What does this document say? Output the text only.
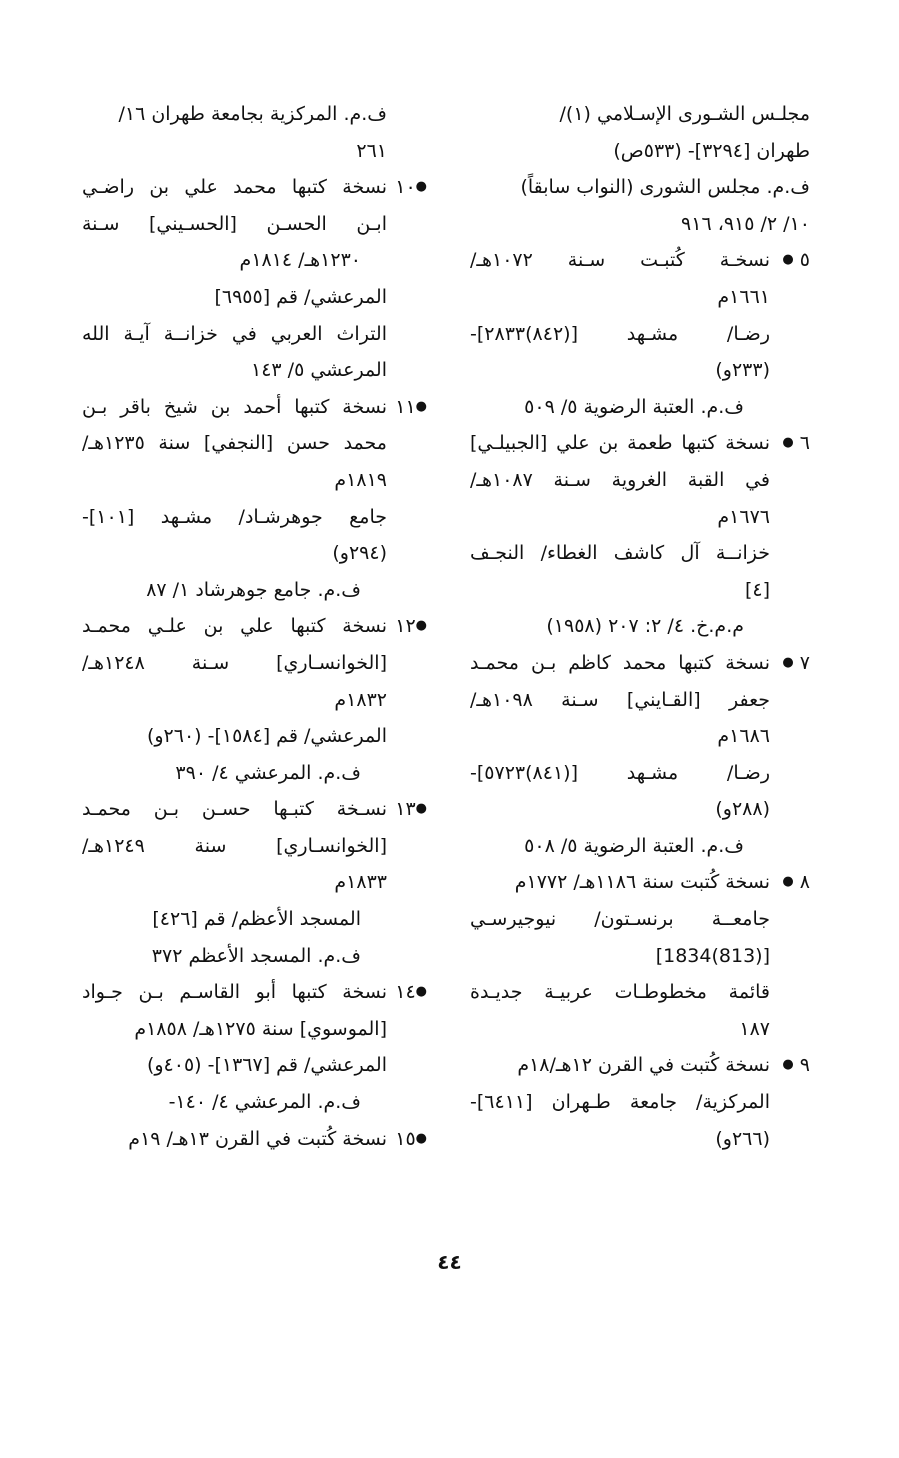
مجلـس الشـورى الإسـلامي (١)/
طهران [٣٢٩٤]- (٥٣٣ص)
ف.م. مجلس الشورى (النواب سابقاً)
١٠/ ٢/ ٩١٥، ٩١٦
٥ ●
نسخـة كُتبـت سـنة ١٠٧٢هـ/
١٦٦١م
رضـا/ مشـهد [(٨٤٢)٢٨٣٣]-
(٢٣٣و)
ف.م. العتبة الرضوية ٥/ ٥٠٩
٦ ●
نسخة كتبها طعمة بن علي [الجبيلـي]
في القبة الغروية سـنة ١٠٨٧هـ/
١٦٧٦م
خزانــة آل كاشف الغطاء/ النجـف
[٤]
م.م.خ. ٤/ ٢: ٢٠٧ (١٩٥٨)
٧ ●
نسخة كتبها محمد كاظم بـن محمـد
جعفر [القـايني] سـنة ١٠٩٨هـ/
١٦٨٦م
رضـا/ مشـهد [(٨٤١)٥٧٢٣]-
(٢٨٨و)
ف.م. العتبة الرضوية ٥/ ٥٠٨
٨ ●
نسخة كُتبت سنة ١١٨٦هـ/ ١٧٧٢م
جامعــة برنسـتون/ نيوجيرسـي
[(813)1834]
قائمة مخطوطـات عربيـة جديـدة
١٨٧
٩ ●
نسخة كُتبت في القرن ١٢هـ/١٨م
المركزية/ جامعة طـهران [٦٤١١]-
(٢٦٦و)
ف.م. المركزية بجامعة طهران ١٦/
٢٦١
●١٠
نسخة كتبها محمد علي بن راضـي
ابـن الحسـن [الحسـيني] سـنة
١٢٣٠هـ/ ١٨١٤م
المرعشي/ قم [٦٩٥٥]
التراث العربي في خزانــة آيـة الله
المرعشي ٥/ ١٤٣
●١١
نسخة كتبها أحمد بن شيخ باقر بـن
محمد حسن [النجفي] سنة ١٢٣٥هـ/
١٨١٩م
جامع جوهرشـاد/ مشـهد [١٠١]-
(٢٩٤و)
ف.م. جامع جوهرشاد ١/ ٨٧
●١٢
نسخة كتبها علي بن علـي محمـد
[الخوانسـاري] سـنة ١٢٤٨هـ/
١٨٣٢م
المرعشي/ قم [١٥٨٤]- (٢٦٠و)
ف.م. المرعشي ٤/ ٣٩٠
●١٣
نسـخة كتبـها حسـن بـن محمـد
[الخوانسـاري] سنة ١٢٤٩هـ/
١٨٣٣م
المسجد الأعظم/ قم [٤٢٦]
ف.م. المسجد الأعظم ٣٧٢
●١٤
نسخة كتبها أبو القاسـم بـن جـواد
[الموسوي] سنة ١٢٧٥هـ/ ١٨٥٨م
المرعشي/ قم [١٣٦٧]- (٤٠٥و)
ف.م. المرعشي ٤/ ١٤٠-
●١٥
نسخة كُتبت في القرن ١٣هـ/ ١٩م
٤٤
